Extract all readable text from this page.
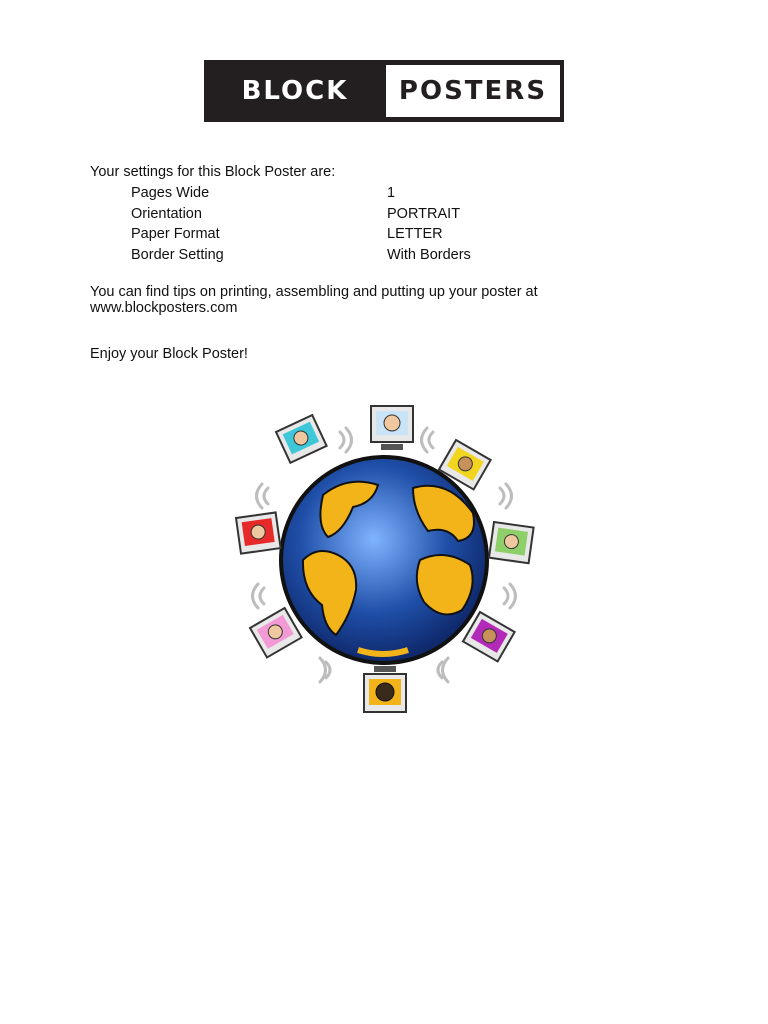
BLOCK POSTERS
Your settings for this Block Poster are:
Pages Wide	1
Orientation	PORTRAIT
Paper Format	LETTER
Border Setting	With Borders
You can find tips on printing, assembling and putting up your poster at
www.blockposters.com
Enjoy your Block Poster!
